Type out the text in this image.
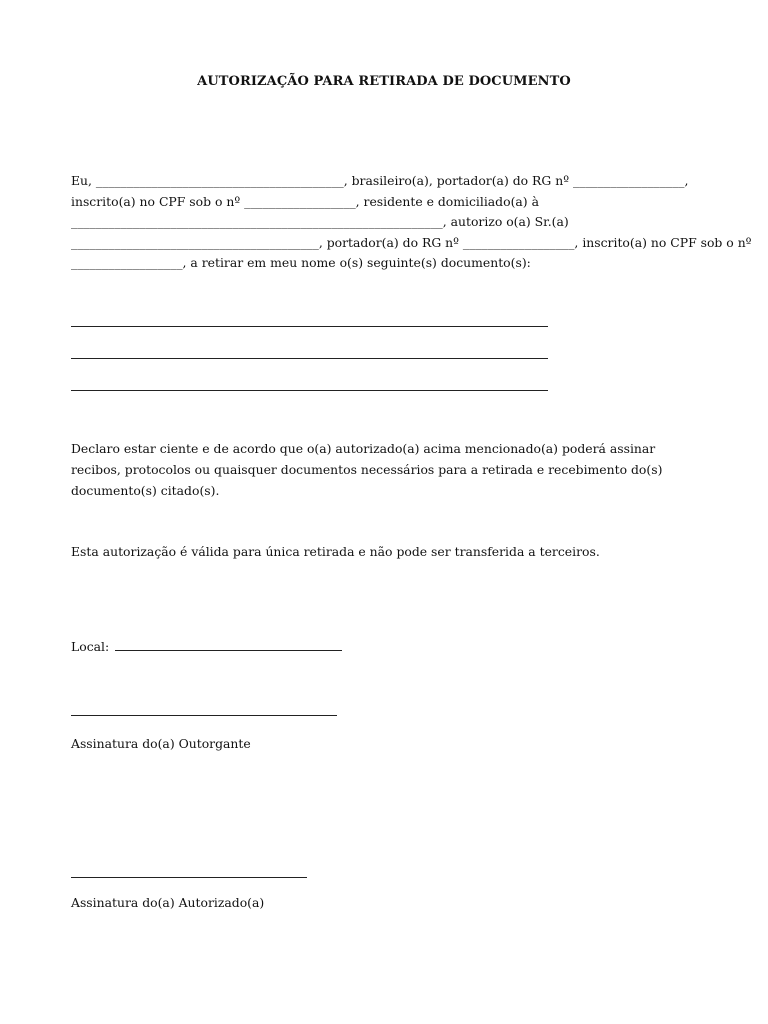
AUTORIZAÇÃO PARA RETIRADA DE DOCUMENTO
Eu, ________________________________________, brasileiro(a), portador(a) do RG nº __________________,
inscrito(a) no CPF sob o nº __________________, residente e domiciliado(a) à
____________________________________________________________, autorizo o(a) Sr.(a)
________________________________________, portador(a) do RG nº __________________, inscrito(a) no CPF sob o nº
__________________, a retirar em meu nome o(s) seguinte(s) documento(s):
Declaro estar ciente e de acordo que o(a) autorizado(a) acima mencionado(a) poderá assinar recibos, protocolos ou quaisquer documentos necessários para a retirada e recebimento do(s) documento(s) citado(s).
Esta autorização é válida para única retirada e não pode ser transferida a terceiros.
Local:
Assinatura do(a) Outorgante
Assinatura do(a) Autorizado(a)
